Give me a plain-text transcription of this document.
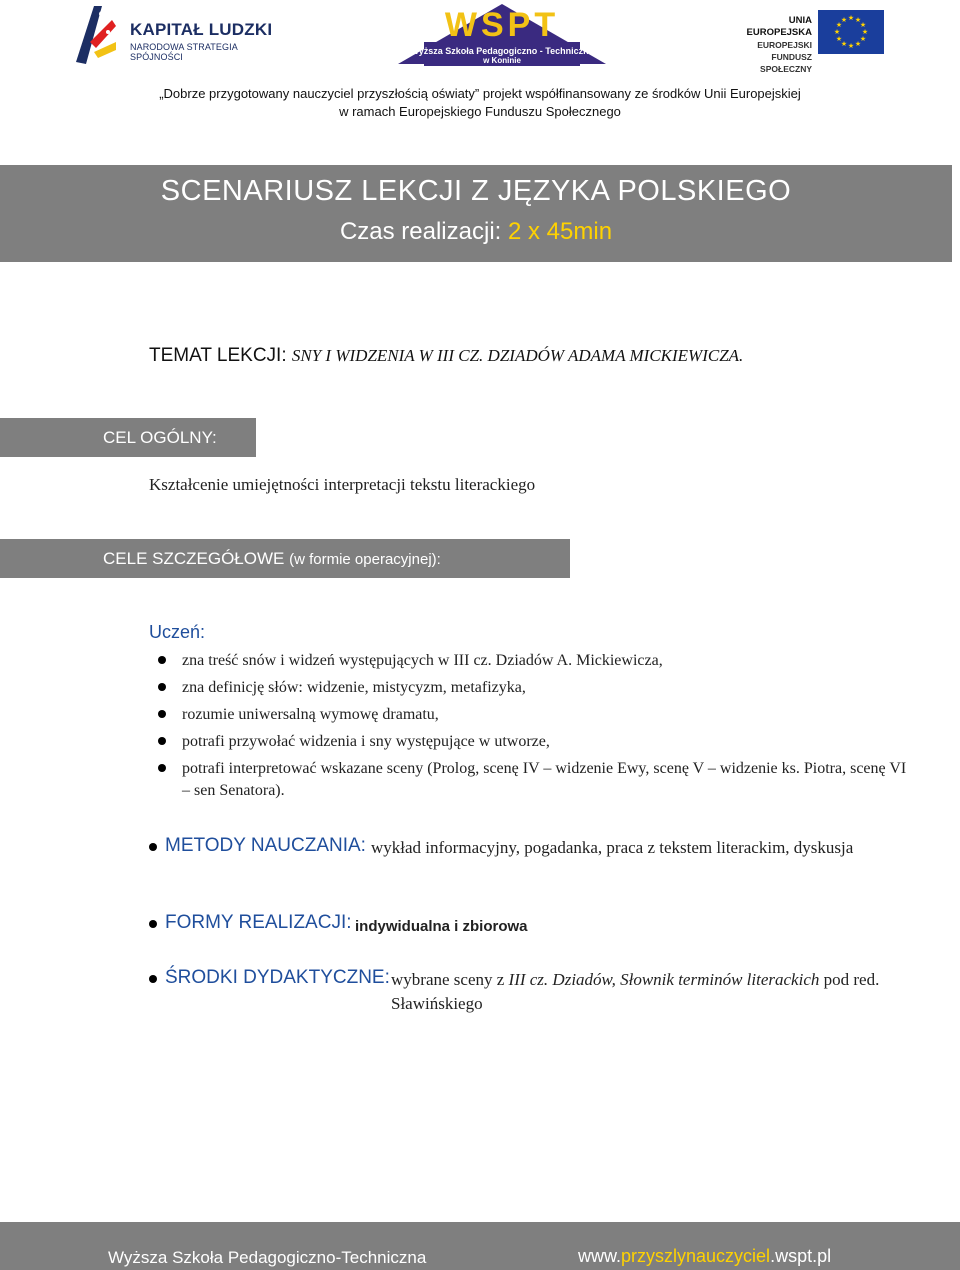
KAPITAŁ LUDZKI
NARODOWA STRATEGIA SPÓJNOŚCI
WSPT
Wyższa Szkoła Pedagogiczno - Techniczna
w Koninie
UNIA EUROPEJSKA
EUROPEJSKI
FUNDUSZ SPOŁECZNY
★ ★
★
★
★
★
★
★
★
★
★
★
„Dobrze przygotowany nauczyciel przyszłością oświaty” projekt współfinansowany ze środków Unii Europejskiej
w ramach Europejskiego Funduszu Społecznego
SCENARIUSZ LEKCJI Z JĘZYKA POLSKIEGO
Czas realizacji: 2 x 45min
TEMAT LEKCJI: SNY I WIDZENIA W III CZ. DZIADÓW ADAMA MICKIEWICZA.
CEL OGÓLNY:
Kształcenie umiejętności interpretacji tekstu literackiego
CELE SZCZEGÓŁOWE (w formie operacyjnej):
Uczeń:
zna treść snów i widzeń występujących w III cz. Dziadów A. Mickiewicza,
zna definicję słów: widzenie, mistycyzm, metafizyka,
rozumie uniwersalną wymowę dramatu,
potrafi przywołać widzenia i sny występujące w utworze,
potrafi interpretować wskazane sceny (Prolog, scenę IV – widzenie Ewy, scenę V – widzenie ks. Piotra, scenę VI – sen Senatora).
METODY NAUCZANIA: wykład informacyjny, pogadanka, praca z tekstem literackim, dyskusja
FORMY REALIZACJI: indywidualna i zbiorowa
ŚRODKI DYDAKTYCZNE: wybrane sceny z III cz. Dziadów, Słownik terminów literackich pod red. Sławińskiego
Wyższa Szkoła Pedagogiczno-Techniczna	www.przyszlynauczyciel.wspt.pl
